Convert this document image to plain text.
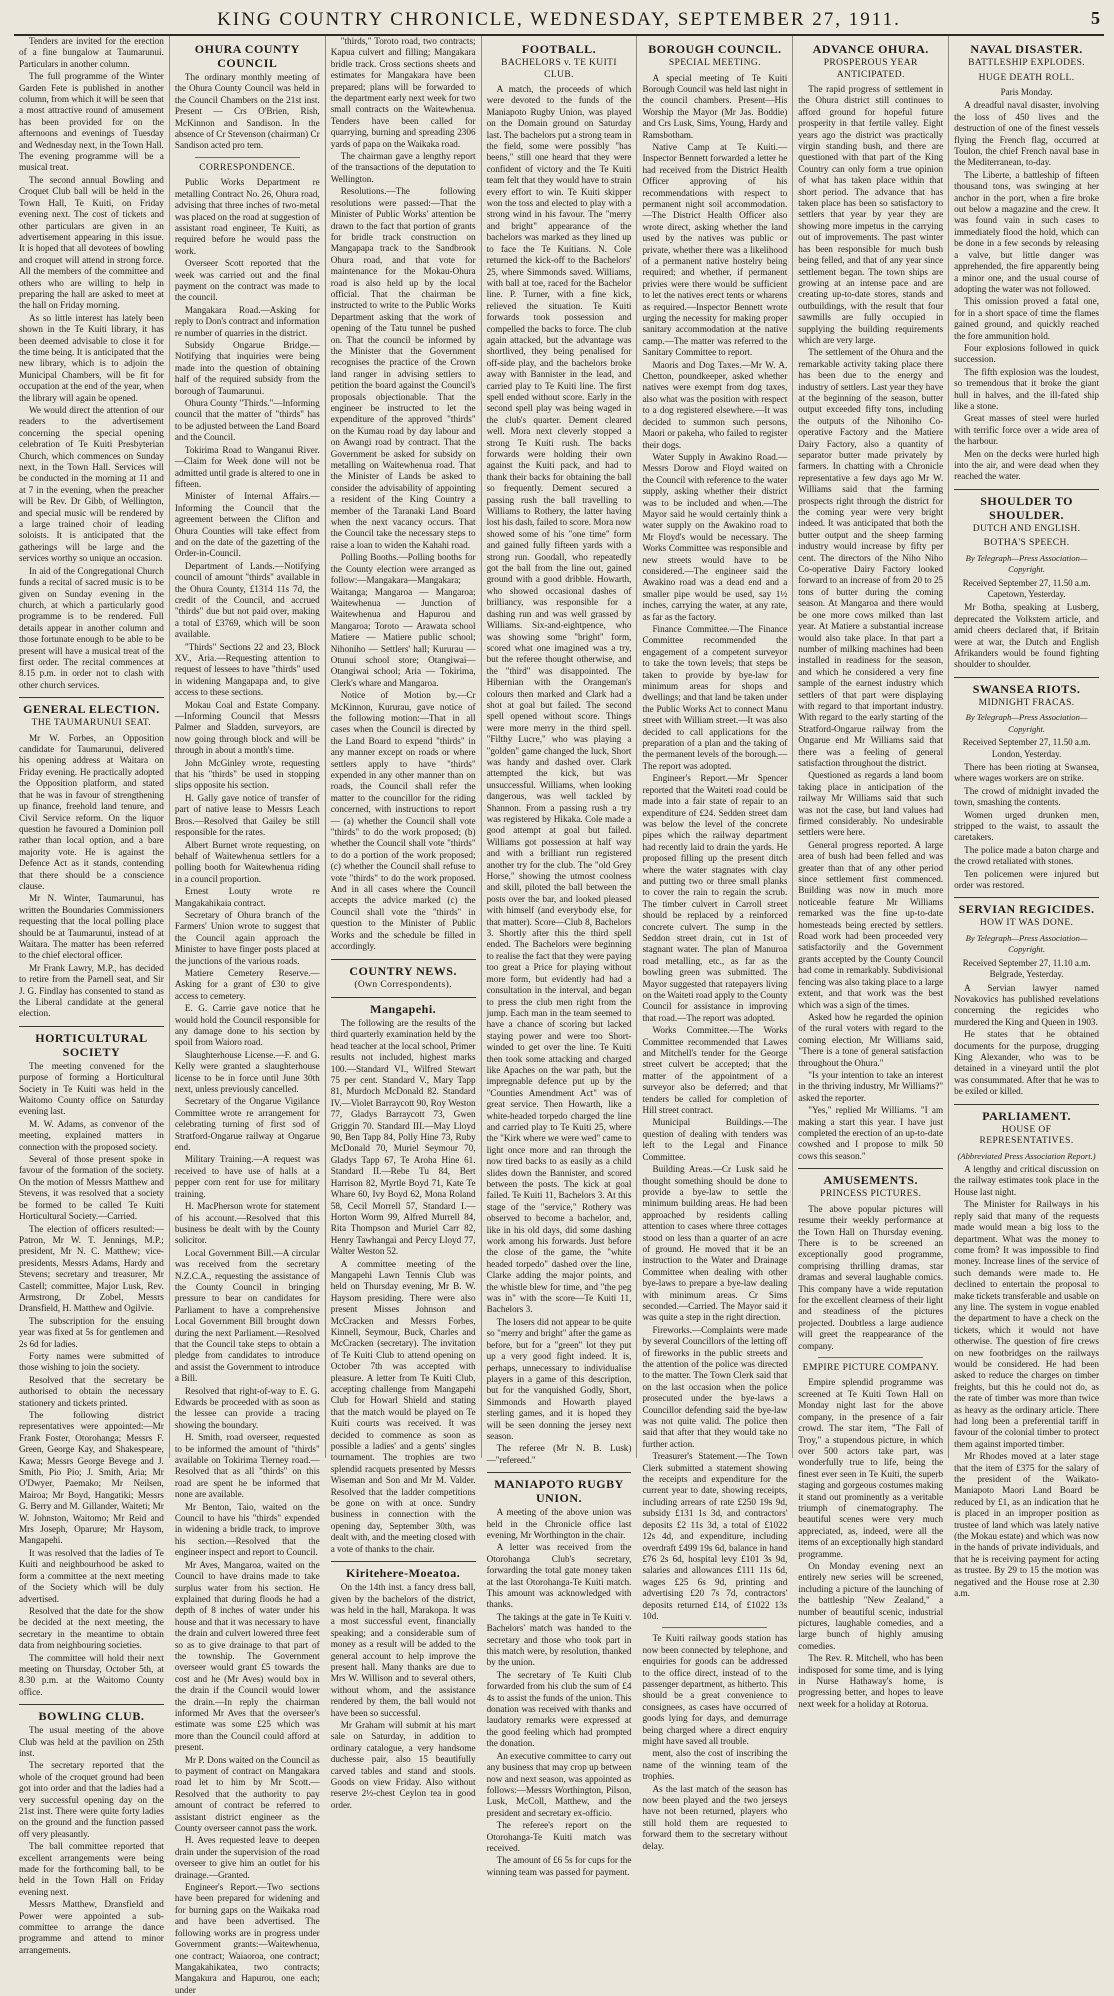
KING COUNTRY CHRONICLE, WEDNESDAY, SEPTEMBER 27, 1911.	5
Tenders are invited for the erection of a fine bungalow at Taumarunui. Particulars in another column.
The full programme of the Winter Garden Fete is published in another column, from which it will be seen that a most attractive round of amusement has been provided for on the afternoons and evenings of Tuesday and Wednesday next, in the Town Hall. The evening programme will be a musical treat.
The second annual Bowling and Croquet Club ball will be held in the Town Hall, Te Kuiti, on Friday evening next. The cost of tickets and other particulars are given in an advertisement appearing in this issue. It is hoped that all devotees of bowling and croquet will attend in strong force. All the members of the committee and others who are willing to help in preparing the hall are asked to meet at the hall on Friday morning.
As so little interest has lately been shown in the Te Kuiti library, it has been deemed advisable to close it for the time being. It is anticipated that the new library, which is to adjoin the Municipal Chambers, will be fit for occupation at the end of the year, when the library will again be opened.
We would direct the attention of our readers to the advertisement concerning the special opening celebration of Te Kuiti Presbyterian Church, which commences on Sunday next, in the Town Hall. Services will be conducted in the morning at 11 and at 7 in the evening, when the preacher will be Rev. Dr Gibb, of Wellington, and special music will be rendered by a large trained choir of leading soloists. It is anticipated that the gatherings will be large and the services worthy so unique an occasion.
In aid of the Congregational Church funds a recital of sacred music is to be given on Sunday evening in the church, at which a particularly good programme is to be rendered. Full details appear in another column and those fortunate enough to be able to be present will have a musical treat of the first order. The recital commences at 8.15 p.m. in order not to clash with other church services.
GENERAL ELECTION.
THE TAUMARUNUI SEAT.
Mr W. Forbes, an Opposition candidate for Taumarunui, delivered his opening address at Waitara on Friday evening. He practically adopted the Opposition platform, and stated that he was in favour of strengthening up finance, freehold land tenure, and Civil Service reform. On the liquor question he favoured a Dominion poll rather than local option, and a bare majority vote. He is against the Defence Act as it stands, contending that there should be a conscience clause.
Mr N. Winter, Taumarunui, has written the Boundaries Commissioners requesting that the local polling place should be at Taumarunui, instead of at Waitara. The matter has been referred to the chief electoral officer.
Mr Frank Lawry, M.P., has decided to retire from the Parnell seat, and Sir J. G. Findlay has consented to stand as the Liberal candidate at the general election.
HORTICULTURAL SOCIETY
The meeting convened for the purpose of forming a Horticultural Society in Te Kuiti was held in the Waitomo County office on Saturday evening last.
M. W. Adams, as convenor of the meeting, explained matters in connection with the proposed society.
Several of those present spoke in favour of the formation of the society. On the motion of Messrs Matthew and Stevens, it was resolved that a society be formed to be called Te Kuiti Horticultural Society.—Carried.
The election of officers resulted:—Patron, Mr W. T. Jennings, M.P.; president, Mr N. C. Matthew; vice-presidents, Messrs Adams, Hardy and Stevens; secretary and treasurer, Mr Castell; committee, Major Lusk, Rev. Armstrong, Dr Zobel, Messrs Dransfield, H. Matthew and Ogilvie.
The subscription for the ensuing year was fixed at 5s for gentlemen and 2s 6d for ladies.
Forty names were submitted of those wishing to join the society.
Resolved that the secretary be authorised to obtain the necessary stationery and tickets printed.
The following district representatives were appointed:—Mr Frank Foster, Otorohanga; Messrs F. Green, George Kay, and Shakespeare, Kawa; Messrs George Bevege and J. Smith, Pio Pio; J. Smith, Aria; Mr O'Dwyer, Paemako; Mr Neilsen, Mairoa; Mr Boyd, Hangatiki; Messrs G. Berry and M. Gillander, Waiteti; Mr W. Johnston, Waitomo; Mr Reid and Mrs Joseph, Oparure; Mr Haysom, Mangapehi.
It was resolved that the ladies of Te Kuiti and neighbourhood be asked to form a committee at the next meeting of the Society which will be duly advertised.
Resolved that the date for the show be decided at the next meeting, the secretary in the meantime to obtain data from neighbouring societies.
The committee will hold their next meeting on Thursday, October 5th, at 8.30 p.m. at the Waitomo County office.
BOWLING CLUB.
The usual meeting of the above Club was held at the pavilion on 25th inst.
The secretary reported that the whole of the croquet ground had been got into order and that the ladies had a very successful opening day on the 21st inst. There were quite forty ladies on the ground and the function passed off very pleasantly.
The ball committee reported that excellent arrangements were being made for the forthcoming ball, to be held in the Town Hall on Friday evening next.
Messrs Matthew, Dransfield and Power were appointed a sub-committee to arrange the dance programme and attend to minor arrangements.
OHURA COUNTY COUNCIL
The ordinary monthly meeting of the Ohura County Council was held in the Council Chambers on the 21st inst. Present — Crs O'Brien, Rish, McKinnon and Sandison. In the absence of Cr Stevenson (chairman) Cr Sandison acted pro tem.
CORRESPONDENCE.
Public Works Department re metalling Contract No. 26, Ohura road, advising that three inches of two-metal was placed on the road at suggestion of assistant road engineer, Te Kuiti, as required before he would pass the work.
Overseer Scott reported that the week was carried out and the final payment on the contract was made to the council.
Mangakara Road.—Asking for reply to Don's contract and information re number of quarries in the district.
Subsidy Ongarue Bridge.—Notifying that inquiries were being made into the question of obtaining half of the required subsidy from the borough of Taumarunui.
Ohura County "Thirds."—Informing council that the matter of "thirds" has to be adjusted between the Land Board and the Council.
Tokirima Road to Wanganui River.—Claim for Week done will not be admitted until grade is altered to one in fifteen.
Minister of Internal Affairs.—Informing the Council that the agreement between the Clifton and Ohura Counties will take effect from and on the date of the gazetting of the Order-in-Council.
Department of Lands.—Notifying council of amount "thirds" available in the Ohura County, £1314 11s 7d, the credit of the Council, and accrued "thirds" due but not paid over, making a total of £3769, which will be soon available.
"Thirds" Sections 22 and 23, Block XV., Aria.—Requesting attention to request of lessees to have "thirds" used in widening Mangapapa and, to give access to these sections.
Mokau Coal and Estate Company.—Informing Council that Messrs Palmer and Sladden, surveyors, are now going through block and will be through in about a month's time.
John McGinley wrote, requesting that his "thirds" be used in stopping slips opposite his section.
H. Gally gave notice of transfer of part of native lease to Messrs Leach Bros.—Resolved that Gailey be still responsible for the rates.
Albert Burnet wrote requesting, on behalf of Waitewhenua settlers for a polling booth for Waitewhenua riding in a council proportion.
Ernest Louty wrote re Mangakahikaia contract.
Secretary of Ohura branch of the Farmers' Union wrote to suggest that the Council again approach the Minister to have finger posts placed at the junctions of the various roads.
Matiere Cemetery Reserve.—Asking for a grant of £30 to give access to cemetery.
E. G. Carrie gave notice that he would hold the Council responsible for any damage done to his section by spoil from Waioro road.
Slaughterhouse License.—F. and G. Kelly were granted a slaughterhouse license to be in force until June 30th next, unless previously cancelled.
Secretary of the Ongarue Vigilance Committee wrote re arrangement for celebrating turning of first sod of Stratford-Ongarue railway at Ongarue end.
Military Training.—A request was received to have use of halls at a pepper corn rent for use for military training.
H. MacPherson wrote for statement of his account.—Resolved that this business be dealt with by the County solicitor.
Local Government Bill.—A circular was received from the secretary N.Z.C.A., requesting the assistance of the County Council in bringing pressure to bear on candidates for Parliament to have a comprehensive Local Government Bill brought down during the next Parliament.—Resolved that the Council take steps to obtain a pledge from candidates to introduce and assist the Government to introduce a Bill.
Resolved that right-of-way to E. G. Edwards be proceeded with as soon as the lessee can provide a tracing showing the boundary.
H. Smith, road overseer, requested to be informed the amount of "thirds" available on Tokirima Tierney road.—Resolved that as all "thirds" on this road are spent he be informed that none are available.
Mr Benton, Taio, waited on the Council to have his "thirds" expended in widening a bridle track, to improve his section.—Resolved that the engineer inspect and report to Council.
Mr Aves, Mangaroa, waited on the Council to have drains made to take surplus water from his section. He explained that during floods he had a depth of 8 inches of water under his house and that it was necessary to have the drain and culvert lowered three feet so as to give drainage to that part of the township. The Government overseer would grant £5 towards the cost and he (Mr Aves) would box in the drain if the Council would lower the drain.—In reply the chairman informed Mr Aves that the overseer's estimate was some £25 which was more than the Council could afford at present.
Mr P. Dons waited on the Council as to payment of contract on Mangakara road let to him by Mr Scott.—Resolved that the authority to pay amount of contract be referred to assistant district engineer as the County overseer cannot pass the work.
H. Aves requested leave to deepen drain under the supervision of the road overseer to give him an outlet for his drainage.—Granted.
Engineer's Report.—Two sections have been prepared for widening and for burning gaps on the Waikaka road and have been advertised. The following works are in progress under Government grants:—Waitewhenua, one contract; Waiaoroa, one contract; Mangakahikatea, two contracts; Mangakura and Hapurou, one each; under
"thirds," Toroto road, two contracts; Kapua culvert and filling; Mangakara bridle track. Cross sections sheets and estimates for Mangakara have been prepared; plans will be forwarded to the department early next week for two small contracts on the Waitewhenua. Tenders have been called for quarrying, burning and spreading 2306 yards of papa on the Waikaka road.
The chairman gave a lengthy report of the transactions of the deputation to Wellington.
Resolutions.—The following resolutions were passed:—That the Minister of Public Works' attention be drawn to the fact that portion of grants for bridle track construction on Mangapapa track to the Sandbrook Ohura road, and that vote for maintenance for the Mokau-Ohura road is also held up by the local official. That the chairman be instructed to write to the Public Works Department asking that the work of opening of the Tatu tunnel be pushed on. That the council be informed by the Minister that the Government recognises the practice of the Crown land ranger in advising settlers to petition the board against the Council's proposals objectionable. That the engineer be instructed to let the expenditure of the approved "thirds" on the Kumau road by day labour and on Awangi road by contract. That the Government be asked for subsidy on metalling on Waitewhenua road. That the Minister of Lands be asked to consider the advisability of appointing a resident of the King Country a member of the Taranaki Land Board when the next vacancy occurs. That the Council take the necessary steps to raise a loan to widen the Kahahi road.
Polling Booths.—Polling booths for the County election were arranged as follow:—Mangakara—Mangakara; Waitanga; Mangaroa — Mangaroa; Waitewhenua — Junction of Waitewhenua and Hapurou and Mangaroa; Toroto — Arawata school Matiere — Matiere public school; Nihoniho — Settlers' hall; Kururau — Otunui school store; Otangiwai—Otangiwai school; Aria — Tokirima, Clerk's whare and Mangaroa.
Notice of Motion by.—Cr McKinnon, Kururau, gave notice of the following motion:—That in all cases when the Council is directed by the Land Board to expend "thirds" in any manner except on roads or where settlers apply to have "thirds" expended in any other manner than on roads, the Council shall refer the matter to the councillor for the riding concerned, with instructions to report — (a) whether the Council shall vote "thirds" to do the work proposed; (b) whether the Council shall vote "thirds" to do a portion of the work proposed; (c) whether the Council shall refuse to vote "thirds" to do the work proposed. And in all cases where the Council accepts the advice marked (c) the Council shall vote the "thirds" in question to the Minister of Public Works and the schedule be filled in accordingly.
COUNTRY NEWS.
(Own Correspondents).
Mangapehi.
The following are the results of the third quarterly examination held by the head teacher at the local school, Primer results not included, highest marks 100.—Standard VI., Wilfred Stewart 75 per cent. Standard V., Mary Tapp 81, Murdoch McDonald 82. Standard IV.—Violet Barraycott 90, Roy Weston 77, Gladys Barraycott 73, Gwen Griggin 70. Standard III.—May Lloyd 90, Ben Tapp 84, Polly Hine 73, Ruby McDonald 70, Muriel Seymour 70, Gladys Tapp 67, Te Aroha Hine 61. Standard II.—Rebe Tu 84, Bert Harrison 82, Myrtle Boyd 71, Kate Te Whare 60, Ivy Boyd 62, Mona Roland 58, Cecil Morrell 57, Standard I.—Horton Worm 99, Alfred Murrell 84, Rita Thompson and Muriel Carr 82, Henry Tawhangai and Percy Lloyd 77, Walter Weston 52.
A committee meeting of the Mangapehi Lawn Tennis Club was held on Thursday evening, Mr B. W. Haysom presiding. There were also present Misses Johnson and McCracken and Messrs Forbes, Kinnell, Seymour, Buck, Charles and McCracken (secretary). The invitation of Te Kuiti Club to attend opening on October 7th was accepted with pleasure. A letter from Te Kuiti Club, accepting challenge from Mangapehi Club for Howarl Shield and stating that the match would be played on Te Kuiti courts was received. It was decided to commence as soon as possible a ladies' and a gents' singles tournament. The trophies are two splendid racquets presented by Messrs Wiseman and Son and Mr M. Valder. Resolved that the ladder competitions be gone on with at once. Sundry business in connection with the opening day, September 30th, was dealt with, and the meeting closed with a vote of thanks to the chair.
Kiritehere-Moeatoa.
On the 14th inst. a fancy dress ball, given by the bachelors of the district, was held in the hall, Marakopa. It was a most successful event, financially speaking; and a considerable sum of money as a result will be added to the general account to help improve the present hall. Many thanks are due to Mrs W. Willison and to several others, without whom, and the assistance rendered by them, the ball would not have been so successful.
Mr Graham will submit at his mart sale on Saturday, in addition to ordinary catalogue, a very handsome duchesse pair, also 15 beautifully carved tables and stand and stools. Goods on view Friday. Also without reserve 2½-chest Ceylon tea in good order.
FOOTBALL.
BACHELORS v. TE KUITI CLUB.
A match, the proceeds of which were devoted to the funds of the Maniapoto Rugby Union, was played on the Domain ground on Saturday last. The bachelors put a strong team in the field, some were possibly "has beens," still one heard that they were confident of victory and the Te Kuiti team felt that they would have to strain every effort to win. Te Kuiti skipper won the toss and elected to play with a strong wind in his favour. The "merry and bright" appearance of the bachelors was marked as they lined up to face the Te Kuitians. N. Cole returned the kick-off to the Bachelors' 25, where Simmonds saved. Williams, with ball at toe, raced for the Bachelor line. P. Turner, with a fine kick, relieved the situation. Te Kuiti forwards took possession and compelled the backs to force. The club again attacked, but the advantage was shortlived, they being penalised for off-side play, and the bachelors broke away with Bannister in the lead, and carried play to Te Kuiti line. The first spell ended without score. Early in the second spell play was being waged in the club's quarter. Dement cleared well. Mora next cleverly stopped a strong Te Kuiti rush. The backs forwards were holding their own against the Kuiti pack, and had to thank their backs for obtaining the ball so frequently. Dement secured a passing rush the ball travelling to Williams to Rothery, the latter having lost his dash, failed to score. Mora now showed some of his "one time" form and gained fully fifteen yards with a strong run. Goodall, who repeatedly got the ball from the line out, gained ground with a good dribble. Howarth, who showed occasional dashes of brilliancy, was responsible for a dashing run and was well grassed by Williams. Six-and-eightpence, who was showing some "bright" form, scored what one imagined was a try, but the referee thought otherwise, and the "third" was disappointed. The Hibernian with the Orangeman's colours then marked and Clark had a shot at goal but failed. The second spell opened without score. Things were more merry in the third spell. "Filthy Lucre," who was playing a "golden" game changed the luck, Short was handy and dashed over. Clark attempted the kick, but was unsuccessful. Williams, when looking dangerous, was well tackled by Shannon. From a passing rush a try was registered by Hikaka. Cole made a good attempt at goal but failed. Williams got possession at half way and with a brilliant run registered another try for the club. The "old Grey Horse," showing the utmost coolness and skill, piloted the ball between the posts over the bar, and looked pleased with himself (and everybody else, for that matter). Score—Club 8, Bachelors 3. Shortly after this the third spell ended. The Bachelors were beginning to realise the fact that they were paying too great a Price for playing without more form, but evidently had had a consultation in the interval, and began to press the club men right from the jump. Each man in the team seemed to have a chance of scoring but lacked staying power and were too Short-winded to get over the line. Te Kuiti then took some attacking and charged like Apaches on the war path, but the impregnable defence put up by the "Counties Amendment Act" was of great service. Then Howarth, like a white-headed torpedo charged the line and carried play to Te Kuiti 25, where the "Kirk where we were wed" came to light once more and ran through the now tired backs to as easily as a child slides down the Bannister, and scored between the posts. The kick at goal failed. Te Kuiti 11, Bachelors 3. At this stage of the "service," Rothery was observed to become a bachelor, and, like in his old days, did some dashing work among his forwards. Just before the close of the game, the "white headed torpedo" dashed over the line, Clarke adding the major points, and the whistle blew for time, and "the peg was in" with the score—Te Kuiti 11, Bachelors 3.
The losers did not appear to be quite so "merry and bright" after the game as before, but for a "green" lot they put up a very good fight indeed. It is, perhaps, unnecessary to individualise players in a game of this description, but for the vanquished Godly, Short, Simmonds and Howarth played sterling games, and it is hoped they will be seen donning the jersey next season.
The referee (Mr N. B. Lusk)—"refereed."
MANIAPOTO RUGBY UNION.
A meeting of the above union was held in the Chronicle office last evening, Mr Worthington in the chair.
A letter was received from the Otorohanga Club's secretary, forwarding the total gate money taken at the last Otorohanga-Te Kuiti match. This amount was acknowledged with thanks.
The takings at the gate in Te Kuiti v. Bachelors' match was handed to the secretary and those who took part in this match were, by resolution, thanked by the union.
The secretary of Te Kuiti Club forwarded from his club the sum of £4 4s to assist the funds of the union. This donation was received with thanks and laudatory remarks were expressed at the good feeling which had prompted the donation.
An executive committee to carry out any business that may crop up between now and next season, was appointed as follows:—Messrs Worthington, Pilson, Lusk, McColl, Matthew, and the president and secretary ex-officio.
The referee's report on the Otorohanga-Te Kuiti match was received.
The amount of £6 5s for cups for the winning team was passed for payment.
BOROUGH COUNCIL.
SPECIAL MEETING.
A special meeting of Te Kuiti Borough Council was held last night in the council chambers. Present—His Worship the Mayor (Mr Jas. Boddie) and Crs Lusk, Sims, Young, Hardy and Ramsbotham.
Native Camp at Te Kuiti.—Inspector Bennett forwarded a letter he had received from the District Health Officer approving of his recommendations with respect to permanent night soil accommodation.—The District Health Officer also wrote direct, asking whether the land used by the natives was public or private, whether there was a likelihood of a permanent native hostelry being required; and whether, if permanent privies were there would be sufficient to let the natives erect tents or wharens as required.—Inspector Bennett wrote urging the necessity for making proper sanitary accommodation at the native camp.—The matter was referred to the Sanitary Committee to report.
Maoris and Dog Taxes.—Mr W. A. Chetton, poundkeeper, asked whether natives were exempt from dog taxes, also what was the position with respect to a dog registered elsewhere.—It was decided to summon such persons, Maori or pakeha, who failed to register their dogs.
Water Supply in Awakino Road.—Messrs Dorow and Floyd waited on the Council with reference to the water supply, asking whether their district was to be included and when.—The Mayor said he would certainly think a water supply on the Awakino road to Mr Floyd's would be necessary. The Works Committee was responsible and new streets would have to be considered.—The engineer said the Awakino road was a dead end and a smaller pipe would be used, say 1½ inches, carrying the water, at any rate, as far as the factory.
Finance Committee.—The Finance Committee recommended the engagement of a competent surveyor to take the town levels; that steps be taken to provide by bye-law for minimum areas for shops and dwellings; and that land be taken under the Public Works Act to connect Manu street with William street.—It was also decided to call applications for the preparation of a plan and the taking of the permanent levels of the borough.—The report was adopted.
Engineer's Report.—Mr Spencer reported that the Waiteti road could be made into a fair state of repair to an expenditure of £24. Sedden street dam was below the level of the concrete pipes which the railway department had recently laid to drain the yards. He proposed filling up the present ditch where the water stagnates with clay and putting two or three small planks to cover the rain to regain the scrub. The timber culvert in Carroll street should be replaced by a reinforced concrete culvert. The sump in the Seddon street drain, cut in 1st of stagnant water. The plan of Manuroa road metalling, etc., as far as the bowling green was submitted. The Mayor suggested that ratepayers living on the Waiteti road apply to the County Council for assistance in improving that road.—The report was adopted.
Works Committee.—The Works Committee recommended that Lawes and Mitchell's tender for the George street culvert be accepted; that the matter of the appointment of a surveyor also be deferred; and that tenders be called for completion of Hill street contract.
Municipal Buildings.—The question of dealing with tenders was left to the Legal and Finance Committee.
Building Areas.—Cr Lusk said he thought something should be done to provide a bye-law to settle the minimum building areas. He had been approached by residents calling attention to cases where three cottages stood on less than a quarter of an acre of ground. He moved that it be an instruction to the Water and Drainage Committee when dealing with other bye-laws to prepare a bye-law dealing with minimum areas. Cr Sims seconded.—Carried. The Mayor said it was quite a step in the right direction.
Fireworks.—Complaints were made by several Councillors of the letting off of fireworks in the public streets and the attention of the police was directed to the matter. The Town Clerk said that on the last occasion when the police prosecuted under the bye-laws a Councillor defending said the bye-law was not quite valid. The police then said that after that they would take no further action.
Treasurer's Statement.—The Town Clerk submitted a statement showing the receipts and expenditure for the current year to date, showing receipts, including arrears of rate £250 19s 9d, subsidy £131 1s 3d, and contractors' deposits £2 11s 3d, a total of £1022 12s 4d, and expenditure, including overdraft £499 19s 6d, balance in hand £76 2s 6d, hospital levy £101 3s 9d, salaries and allowances £111 11s 6d, wages £25 6s 9d, printing and advertising £20 7s 7d, contractors' deposits returned £14, of £1022 13s 10d.
Te Kuiti railway goods station has now been connected by telephone, and enquiries for goods can be addressed to the office direct, instead of to the passenger department, as hitherto. This should be a great convenience to consignees, as cases have occurred of goods lying for days, and demurrage being charged where a direct enquiry might have saved all trouble.
ment, also the cost of inscribing the name of the winning team of the trophies.
As the last match of the season has now been played and the two jerseys have not been returned, players who still hold them are requested to forward them to the secretary without delay.
ADVANCE OHURA.
PROSPEROUS YEAR ANTICIPATED.
The rapid progress of settlement in the Ohura district still continues to afford ground for hopeful future prosperity in that fertile valley. Eight years ago the district was practically virgin standing bush, and there are questioned with that part of the King Country can only form a true opinion of what has taken place within that short period. The advance that has taken place has been so satisfactory to settlers that year by year they are showing more impetus in the carrying out of improvements. The past winter has been responsible for much bush being felled, and that of any year since settlement began. The town ships are growing at an intense pace and are creating up-to-date stores, stands and outbuildings, with the result that four sawmills are fully occupied in supplying the building requirements which are very large.
The settlement of the Ohura and the remarkable activity taking place there has been due to the energy and industry of settlers. Last year they have at the beginning of the season, butter output exceeded fifty tons, including the outputs of the Nihoniho Co-operative Factory and the Matiere Dairy Factory, also a quantity of separator butter made privately by farmers. In chatting with a Chronicle representative a few days ago Mr W. Williams said that the farming prospects right through the district for the coming year were very bright indeed. It was anticipated that both the butter output and the sheep farming industry would increase by fifty per cent. The directors of the Niho Niho Co-operative Dairy Factory looked forward to an increase of from 20 to 25 tons of butter during the coming season. At Mangaroa and there would be one more cows milked than last year. At Matiere a substantial increase would also take place. In that part a number of milking machines had been installed in readiness for the season, and which he considered a very fine sample of the earnest industry which settlers of that part were displaying with regard to that important industry. With regard to the early starting of the Stratford-Ongarue railway from the Ongarue end Mr Williams said that there was a feeling of general satisfaction throughout the district.
Questioned as regards a land boom taking place in anticipation of the railway Mr Williams said that such was not the case, but land values had firmed considerably. No undesirable settlers were here.
General progress reported. A large area of bush had been felled and was greater than that of any other period since settlement first commenced. Building was now in much more noticeable feature Mr Williams remarked was the fine up-to-date homesteads being erected by settlers. Road work had been proceeded very satisfactorily and the Government grants accepted by the County Council had come in remarkably. Subdivisional fencing was also taking place to a large extent, and that work was the best which was a sign of the times.
Asked how he regarded the opinion of the rural voters with regard to the coming election, Mr Williams said, "There is a tone of general satisfaction throughout the Ohura."
"Is your intention to take an interest in the thriving industry, Mr Williams?" asked the reporter.
"Yes," replied Mr Williams. "I am making a start this year. I have just completed the erection of an up-to-date cowshed and I propose to milk 50 cows this season."
AMUSEMENTS.
PRINCESS PICTURES.
The above popular pictures will resume their weekly performance at the Town Hall on Thursday evening. There is to be screened an exceptionally good programme, comprising thrilling dramas, star dramas and several laughable comics. This company have a wide reputation for the excellent clearness of their light and steadiness of the pictures projected. Doubtless a large audience will greet the reappearance of the company.
EMPIRE PICTURE COMPANY.
Empire splendid programme was screened at Te Kuiti Town Hall on Monday night last for the above company, in the presence of a fair crowd. The star item, "The Fall of Troy," a stupendous picture, in which over 500 actors take part, was wonderfully true to life, being the finest ever seen in Te Kuiti, the superb staging and gorgeous costumes making it stand out prominently as a veritable triumph of cinematography. The beautiful scenes were very much appreciated, as, indeed, were all the items of an exceptionally high standard programme.
On Monday evening next an entirely new series will be screened, including a picture of the launching of the battleship "New Zealand," a number of beautiful scenic, industrial pictures, laughable comedies, and a large bunch of highly amusing comedies.
The Rev. R. Mitchell, who has been indisposed for some time, and is lying in Nurse Hathaway's home, is progressing better, and hopes to leave next week for a holiday at Rotorua.
NAVAL DISASTER.
BATTLESHIP EXPLODES.
HUGE DEATH ROLL.
Paris Monday.
A dreadful naval disaster, involving the loss of 450 lives and the destruction of one of the finest vessels flying the French flag, occurred at Toulon, the chief French naval base in the Mediterranean, to-day.
The Liberte, a battleship of fifteen thousand tons, was swinging at her anchor in the port, when a fire broke out below a magazine and the crew. It was found vain in such cases to immediately flood the hold, which can be done in a few seconds by releasing a valve, but little danger was apprehended, the fire apparently being a minor one, and the usual course of adopting the water was not followed.
This omission proved a fatal one, for in a short space of time the flames gained ground, and quickly reached the fore ammunition hold.
Four explosions followed in quick succession.
The fifth explosion was the loudest, so tremendous that it broke the giant hull in halves, and the ill-fated ship like a stone.
Great masses of steel were hurled with terrific force over a wide area of the harbour.
Men on the decks were hurled high into the air, and were dead when they reached the water.
SHOULDER TO SHOULDER.
DUTCH AND ENGLISH.
BOTHA'S SPEECH.
By Telegraph—Press Association—Copyright.
Received September 27, 11.50 a.m. Capetown, Yesterday.
Mr Botha, speaking at Lusberg, deprecated the Volkstem article, and amid cheers declared that, if Britain were at war, the Dutch and English Afrikanders would be found fighting shoulder to shoulder.
SWANSEA RIOTS.
MIDNIGHT FRACAS.
By Telegraph—Press Association—Copyright.
Received September 27, 11.50 a.m. London, Yesterday.
There has been rioting at Swansea, where wages workers are on strike.
The crowd of midnight invaded the town, smashing the contents.
Women urged drunken men, stripped to the waist, to assault the caretakers.
The police made a baton charge and the crowd retaliated with stones.
Ten policemen were injured but order was restored.
SERVIAN REGICIDES.
HOW IT WAS DONE.
By Telegraph—Press Association—Copyright.
Received September 27, 11.10 a.m. Belgrade, Yesterday.
A Servian lawyer named Novakovics has published revelations concerning the regicides who murdered the King and Queen in 1903.
He states that he obtained documents for the purpose, drugging King Alexander, who was to be detained in a vineyard until the plot was consummated. After that he was to be exiled or killed.
PARLIAMENT.
HOUSE OF REPRESENTATIVES.
(Abbreviated Press Association Report.)
A lengthy and critical discussion on the railway estimates took place in the House last night.
The Minister for Railways in his reply said that many of the requests made would mean a big loss to the department. What was the money to come from? It was impossible to find money. Increase lines of the service of such demands were made to. He declined to entertain the proposal to make tickets transferable and usable on any line. The system in vogue enabled the department to have a check on the tickets, which it would not have otherwise. The question of fire crews on new footbridges on the railways would be considered. He had been asked to reduce the charges on timber freights, but this he could not do, as the rate of timber was more than twice as heavy as the ordinary article. There had long been a preferential tariff in favour of the colonial timber to protect them against imported timber.
Mr Rhodes moved at a later stage that the item of £375 for the salary of the president of the Waikato-Maniapoto Maori Land Board be reduced by £1, as an indication that he is placed in an improper position as trustee of land which was lately native (the Mokau estate) and which was now in the hands of private individuals, and that he is receiving payment for acting as trustee. By 29 to 15 the motion was negatived and the House rose at 2.30 a.m.
